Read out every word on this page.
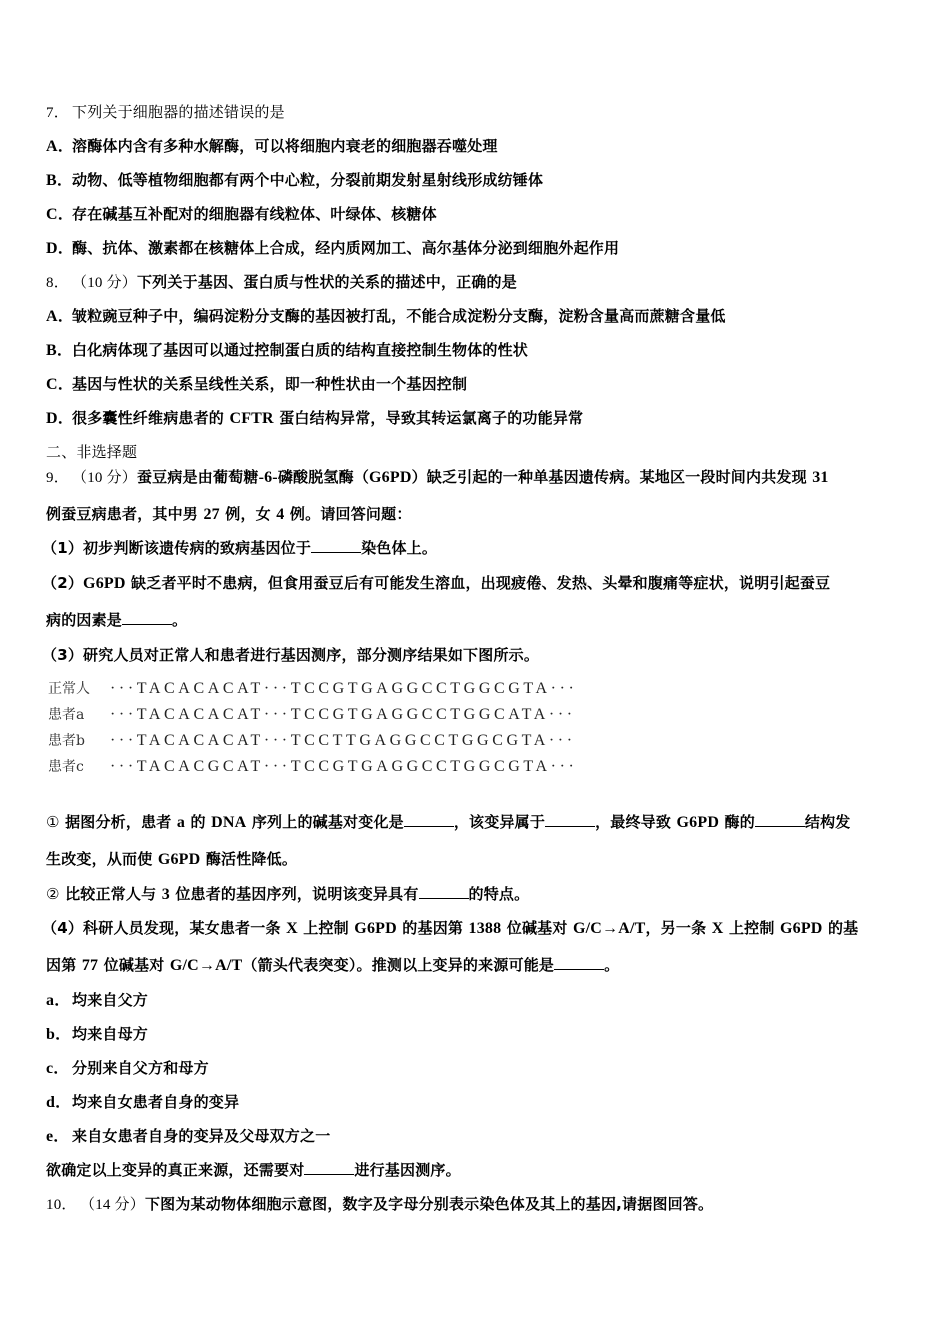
7． 下列关于细胞器的描述错误的是
A．溶酶体内含有多种水解酶，可以将细胞内衰老的细胞器吞噬处理
B．动物、低等植物细胞都有两个中心粒，分裂前期发射星射线形成纺锤体
C．存在碱基互补配对的细胞器有线粒体、叶绿体、核糖体
D．酶、抗体、激素都在核糖体上合成，经内质网加工、高尔基体分泌到细胞外起作用
8． （10 分）下列关于基因、蛋白质与性状的关系的描述中，正确的是
A．皱粒豌豆种子中，编码淀粉分支酶的基因被打乱，不能合成淀粉分支酶，淀粉含量高而蔗糖含量低
B．白化病体现了基因可以通过控制蛋白质的结构直接控制生物体的性状
C．基因与性状的关系呈线性关系，即一种性状由一个基因控制
D．很多囊性纤维病患者的 CFTR 蛋白结构异常，导致其转运氯离子的功能异常
二、非选择题
9． （10 分）蚕豆病是由葡萄糖-6-磷酸脱氢酶（G6PD）缺乏引起的一种单基因遗传病。某地区一段时间内共发现 31
例蚕豆病患者，其中男 27 例，女 4 例。请回答问题：
（1）初步判断该遗传病的致病基因位于	染色体上。
（2）G6PD 缺乏者平时不患病，但食用蚕豆后有可能发生溶血，出现疲倦、发热、头晕和腹痛等症状，说明引起蚕豆
病的因素是	。
（3）研究人员对正常人和患者进行基因测序，部分测序结果如下图所示。
正常人	···TACACACAT···TCCGTGAGGCCTGGCGTA···
患者a	···TACACACAT···TCCGTGAGGCCTGGCATA···
患者b	···TACACACAT···TCCTTGAGGCCTGGCGTA···
患者c	···TACACGCAT···TCCGTGAGGCCTGGCGTA···
① 据图分析，患者 a 的 DNA 序列上的碱基对变化是	，该变异属于	，最终导致 G6PD 酶的	结构发
生改变，从而使 G6PD 酶活性降低。
② 比较正常人与 3 位患者的基因序列，说明该变异具有	的特点。
（4）科研人员发现，某女患者一条 X 上控制 G6PD 的基因第 1388 位碱基对 G/C→A/T，另一条 X 上控制 G6PD 的基
因第 77 位碱基对 G/C→A/T（箭头代表突变）。推测以上变异的来源可能是	。
a． 均来自父方
b．均来自母方
c． 分别来自父方和母方
d．均来自女患者自身的变异
e． 来自女患者自身的变异及父母双方之一
欲确定以上变异的真正来源，还需要对	进行基因测序。
10． （14 分）下图为某动物体细胞示意图，数字及字母分别表示染色体及其上的基因,请据图回答。
